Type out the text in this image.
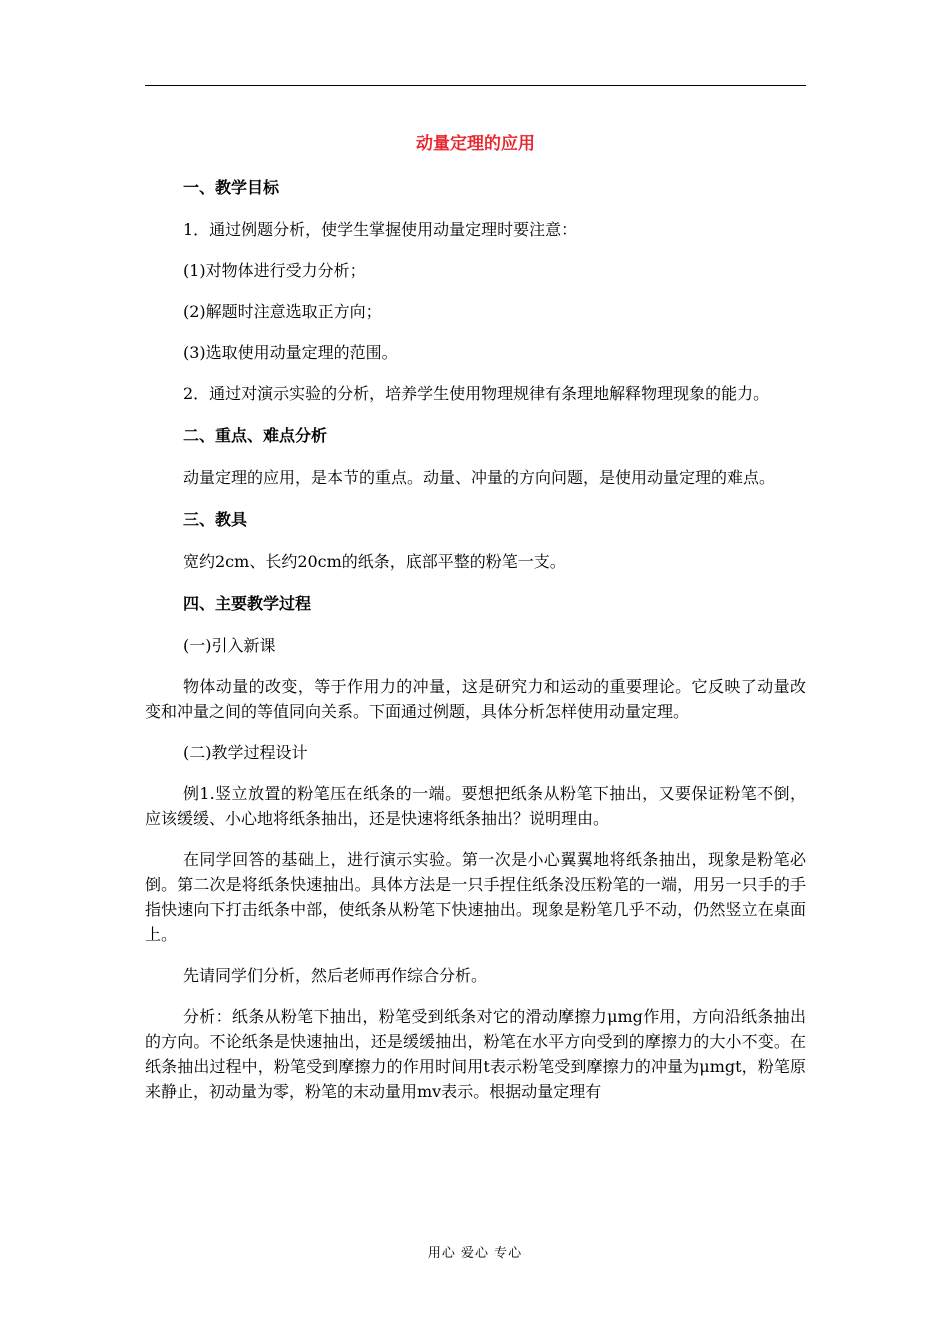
动量定理的应用
一、教学目标
1．通过例题分析，使学生掌握使用动量定理时要注意：
(1)对物体进行受力分析；
(2)解题时注意选取正方向；
(3)选取使用动量定理的范围。
2．通过对演示实验的分析，培养学生使用物理规律有条理地解释物理现象的能力。
二、重点、难点分析
动量定理的应用，是本节的重点。动量、冲量的方向问题，是使用动量定理的难点。
三、教具
宽约2cm、长约20cm的纸条，底部平整的粉笔一支。
四、主要教学过程
(一)引入新课
物体动量的改变，等于作用力的冲量，这是研究力和运动的重要理论。它反映了动量改变和冲量之间的等值同向关系。下面通过例题，具体分析怎样使用动量定理。
(二)教学过程设计
例1.竖立放置的粉笔压在纸条的一端。要想把纸条从粉笔下抽出，又要保证粉笔不倒，应该缓缓、小心地将纸条抽出，还是快速将纸条抽出？说明理由。
在同学回答的基础上，进行演示实验。第一次是小心翼翼地将纸条抽出，现象是粉笔必倒。第二次是将纸条快速抽出。具体方法是一只手捏住纸条没压粉笔的一端，用另一只手的手指快速向下打击纸条中部，使纸条从粉笔下快速抽出。现象是粉笔几乎不动，仍然竖立在桌面上。
先请同学们分析，然后老师再作综合分析。
分析：纸条从粉笔下抽出，粉笔受到纸条对它的滑动摩擦力μmg作用，方向沿纸条抽出的方向。不论纸条是快速抽出，还是缓缓抽出，粉笔在水平方向受到的摩擦力的大小不变。在纸条抽出过程中，粉笔受到摩擦力的作用时间用t表示粉笔受到摩擦力的冲量为μmgt，粉笔原来静止，初动量为零，粉笔的末动量用mv表示。根据动量定理有
用心 爱心 专心
